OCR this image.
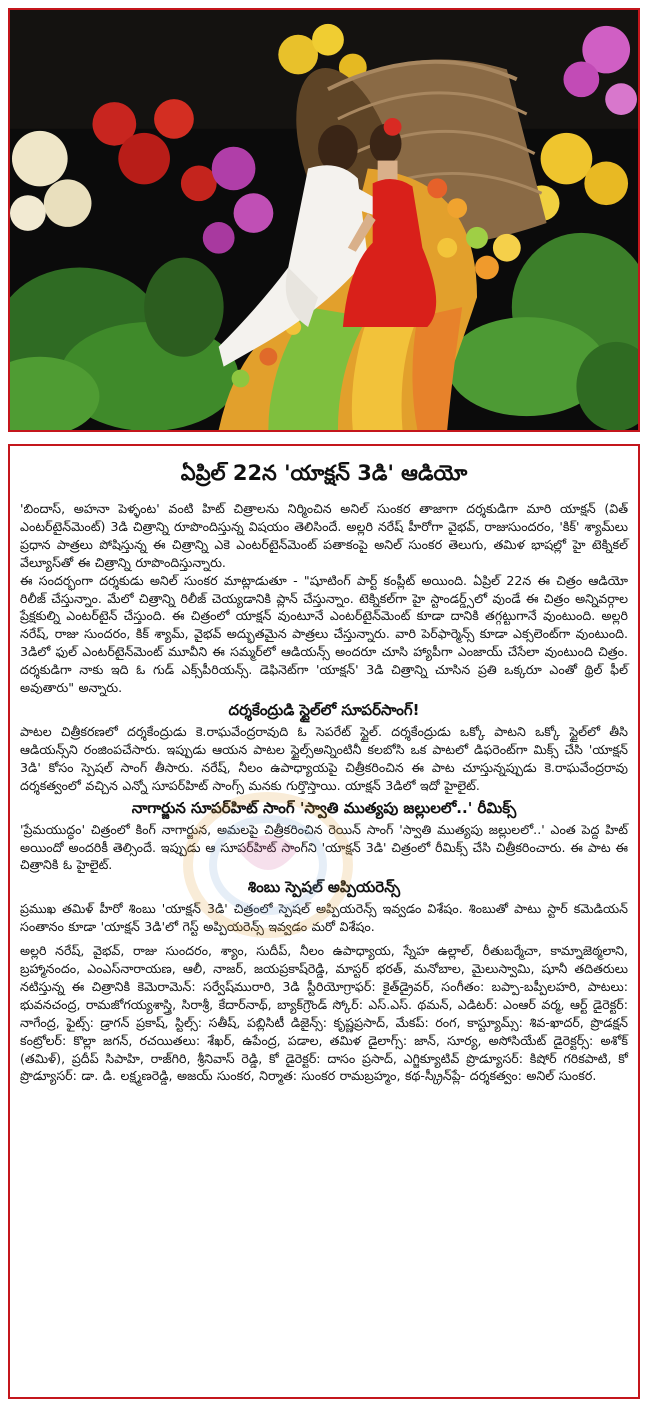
ఏప్రిల్ 22న 'యాక్షన్ 3డి' ఆడియో

'బిందాస్, అహనా పెళ్ళంట' వంటి హిట్ చిత్రాలను నిర్మించిన అనిల్ సుంకర తాజాగా దర్శకుడిగా మారి యాక్షన్ (విత్ ఎంటర్‌టైన్‌మెంట్) 3డి చిత్రాన్ని రూపొందిస్తున్న విషయం తెలిసిందే. అల్లరి నరేష్ హీరోగా వైభవ్, రాజుసుందరం, 'కిక్' శ్యామ్‌లు ప్రధాన పాత్రలు పోషిస్తున్న ఈ చిత్రాన్ని ఎకె ఎంటర్‌టైన్‌మెంట్ పతాకంపై అనిల్ సుంకర తెలుగు, తమిళ భాషల్లో హై టెక్నికల్ వేల్యూస్‌తో ఈ చిత్రాన్ని రూపొందిస్తున్నారు.

ఈ సందర్భంగా దర్శకుడు అనిల్ సుంకర మాట్లాడుతూ - "షూటింగ్ పార్ట్ కంప్లీట్ అయింది. ఏప్రిల్ 22న ఈ చిత్రం ఆడియో రిలీజ్ చేస్తున్నాం. మేలో చిత్రాన్ని రిలీజ్ చెయ్యడానికి ప్లాన్ చేస్తున్నాం. టెక్నికల్‌గా హై స్టాండర్డ్స్‌లో వుండే ఈ చిత్రం అన్నివర్గాల ప్రేక్షకుల్ని ఎంటర్‌టైన్ చేస్తుంది. ఈ చిత్రంలో యాక్షన్ వుంటూనే ఎంటర్‌టైన్‌మెంట్ కూడా దానికి తగ్గట్టుగానే వుంటుంది. అల్లరి నరేష్, రాజు సుందరం, కిక్ శ్యామ్, వైభవ్ అద్భుతమైన పాత్రలు చేస్తున్నారు. వారి పెర్‌ఫార్మెన్స్ కూడా ఎక్సలెంట్‌గా వుంటుంది. 3డిలో ఫుల్ ఎంటర్‌టైన్‌మెంట్ మూవీని ఈ సమ్మర్‌లో ఆడియన్స్ అందరూ చూసి హ్యాపీగా ఎంజాయ్ చేసేలా వుంటుంది చిత్రం. దర్శకుడిగా నాకు ఇది ఓ గుడ్ ఎక్స్‌పీరియన్స్. డెఫినెట్‌గా 'యాక్షన్' 3డి చిత్రాన్ని చూసిన ప్రతి ఒక్కరూ ఎంతో థ్రిల్ ఫీల్ అవుతారు" అన్నారు.

దర్శకేంద్రుడి స్టైల్‌లో సూపర్‌సాంగ్!

పాటల చిత్రీకరణలో దర్శకేంద్రుడు కె.రాఘవేంద్రరావుది ఓ సెపరేట్ స్టైల్. దర్శకేంద్రుడు ఒక్కో పాటని ఒక్కో స్టైల్‌లో తీసి ఆడియన్స్‌ని రంజింపచేసారు. ఇప్పుడు ఆయన పాటల స్టైల్స్‌అన్నింటినీ కలబోసి ఒక పాటలో డిఫరెంట్‌గా మిక్స్ చేసి 'యాక్షన్ 3డి' కోసం స్పెషల్ సాంగ్ తీసారు. నరేష్, నీలం ఉపాధ్యాయపై చిత్రీకరించిన ఈ పాట చూస్తున్నప్పుడు కె.రాఘవేంద్రరావు దర్శకత్వంలో వచ్చిన ఎన్నో సూపర్‌హిట్ సాంగ్స్ మనకు గుర్తొస్తాయి. యాక్షన్ 3డిలో ఇదో హైలైట్.

నాగార్జున సూపర్‌హిట్ సాంగ్ 'స్వాతి ముత్యపు జల్లులలో..' రీమిక్స్

'ప్రేమయుద్ధం' చిత్రంలో కింగ్ నాగార్జున, అమలపై చిత్రీకరించిన రెయిన్ సాంగ్ 'స్వాతి ముత్యపు జల్లులలో..' ఎంత పెద్ద హిట్ అయిందో అందరికీ తెల్సిందే. ఇప్పుడు ఆ సూపర్‌హిట్ సాంగ్‌ని 'యాక్షన్ 3డి' చిత్రంలో రీమిక్స్ చేసి చిత్రీకరించారు. ఈ పాట ఈ చిత్రానికి ఓ హైలైట్.

శింబు స్పెషల్ అప్పియరెన్స్

ప్రముఖ తమిళ్ హీరో శింబు 'యాక్షన్ 3డి' చిత్రంలో స్పెషల్ అప్పియరెన్స్ ఇవ్వడం విశేషం. శింబుతో పాటు స్టార్ కమెడియన్ సంతానం కూడా 'యాక్షన్ 3డి'లో గెస్ట్ అప్పియరెన్స్ ఇవ్వడం మరో విశేషం.

అల్లరి నరేష్, వైభవ్, రాజు సుందరం, శ్యాం, సుదీప్, నీలం ఉపాధ్యాయ, స్నేహ ఉల్లాల్, రీతుబర్మేచా, కామ్నాజెఠ్మలాని, బ్రహ్మానందం, ఎంఎస్‌నారాయణ, ఆలీ, నాజర్, జయప్రకాష్‌రెడ్డి, మాస్టర్ భరత్, మనోబాల, మైలుస్వామి, షూనీ తదితరులు నటిస్తున్న ఈ చిత్రానికి కెమెరామెన్: సర్వేష్‌మురారి, 3డి స్టీరియోగ్రాఫర్: కైత్‌డ్రైవర్, సంగీతం: బప్పా-బప్పీలహరి, పాటలు: భువనచంద్ర, రామజోగయ్యశాస్త్రి, సిరాశ్రీ, కేదార్‌నాథ్, బ్యాక్‌గ్రౌండ్ స్కోర్: ఎస్.ఎస్. థమన్, ఎడిటర్: ఎంఆర్ వర్మ, ఆర్ట్ డైరెక్టర్: నాగేంద్ర, ఫైట్స్: డ్రాగన్ ప్రకాష్, స్టిల్స్: సతీష్, పబ్లిసిటీ డిజైన్స్: కృష్ణప్రసాద్, మేకప్: రంగ, కాస్ట్యూమ్స్: శివ-ఖాదర్, ప్రొడక్షన్ కంట్రోలర్: కొల్లా జగన్, రచయితలు: శేఖర్, ఉపేంద్ర, పడాల, తమిళ డైలాగ్స్: జాన్, సూర్య, అసోసియేట్ డైరెక్టర్స్: అశోక్ (తమిళ్), ప్రదీప్ సిపాహి, రాజ్‌గిరి, శ్రీనివాస్ రెడ్డి, కో డైరెక్టర్: దాసం ప్రసాద్, ఎగ్జిక్యూటివ్ ప్రొడ్యూసర్: కిషోర్ గరికపాటి, కో ప్రొడ్యూసర్: డా. డి. లక్ష్మణరెడ్డి, అజయ్ సుంకర, నిర్మాత: సుంకర రామబ్రహ్మం, కథ-స్క్రీన్‌ప్లే- దర్శకత్వం: అనిల్ సుంకర.
